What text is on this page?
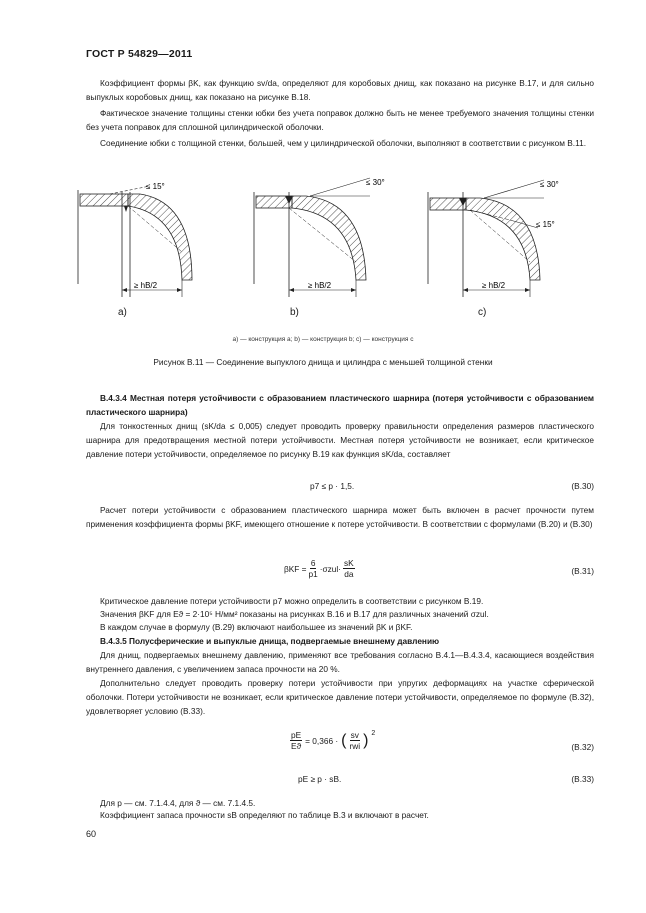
ГОСТ Р 54829—2011
Коэффициент формы βK, как функцию sv/da, определяют для коробовых днищ, как показано на рисунке В.17, и для сильно выпуклых коробовых днищ, как показано на рисунке В.18.
Фактическое значение толщины стенки юбки без учета поправок должно быть не менее требуемого значения толщины стенки без учета поправок для сплошной цилиндрической оболочки.
Соединение юбки с толщиной стенки, большей, чем у цилиндрической оболочки, выполняют в соответствии с рисунком В.11.
≤ 15°
≥ hB/2
≤ 30°
≥ hB/2
≤ 30°
≤ 15°
≥ hB/2
a)	b)	c)
а) — конструкция а; b) — конструкция b; с) — конструкция с
Рисунок В.11 — Соединение выпуклого днища и цилиндра с меньшей толщиной стенки
В.4.3.4 Местная потеря устойчивости с образованием пластического шарнира (потеря устойчивости с образованием пластического шарнира)
Для тонкостенных днищ (sK/da ≤ 0,005) следует проводить проверку правильности определения размеров пластического шарнира для предотвращения местной потери устойчивости. Местная потеря устойчивости не возникает, если критическое давление потери устойчивости, определяемое по рисунку В.19 как функция sK/da, составляет
p7 ≤ p · 1,5.	(В.30)
Расчет потери устойчивости с образованием пластического шарнира может быть включен в расчет прочности путем применения коэффициента формы βKF, имеющего отношение к потере устойчивости. В соответствии с формулами (В.20) и (В.30)
$\beta KF = \frac{6}{p1} \cdot\sigma zul\cdot \frac{sK}{da}$	(В.31)
Критическое давление потери устойчивости p7 можно определить в соответствии с рисунком В.19.
Значения βKF для Eϑ = 2·10⁵ Н/мм² показаны на рисунках В.16 и В.17 для различных значений σzul.
В каждом случае в формулу (В.29) включают наибольшее из значений βK и βKF.
В.4.3.5 Полусферические и выпуклые днища, подвергаемые внешнему давлению
Для днищ, подвергаемых внешнему давлению, применяют все требования согласно В.4.1—В.4.3.4, касающиеся воздействия внутреннего давления, с увеличением запаса прочности на 20 %.
Дополнительно следует проводить проверку потери устойчивости при упругих деформациях на участке сферической оболочки. Потери устойчивости не возникает, если критическое давление потери устойчивости, определяемое по формуле (В.32), удовлетворяет условию (В.33).
$\frac{pE}{Eϑ} = 0,366$ · ( $\frac{sv}{\text{rwi}}$ ) $^2$
(В.32)
pE ≥ p · sB.	(В.33)
Для p — см. 7.1.4.4, для ϑ — см. 7.1.4.5.
Коэффициент запаса прочности sB определяют по таблице В.3 и включают в расчет.
60
